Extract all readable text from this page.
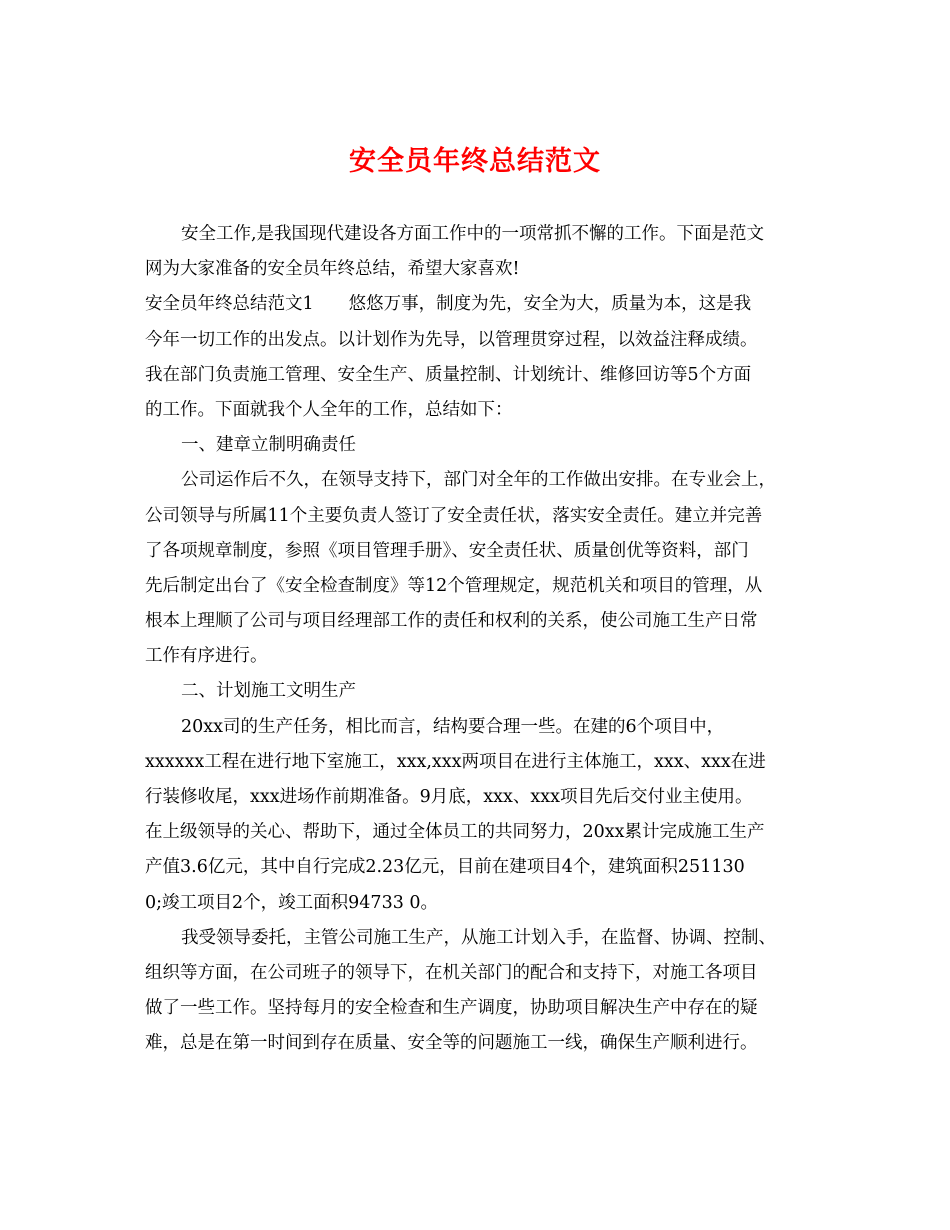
安全员年终总结范文
安全工作,是我国现代建设各方面工作中的一项常抓不懈的工作。下面是范文
网为大家准备的安全员年终总结，希望大家喜欢!
安全员年终总结范文1　　悠悠万事，制度为先，安全为大，质量为本，这是我
今年一切工作的出发点。以计划作为先导，以管理贯穿过程，以效益注释成绩。
我在部门负责施工管理、安全生产、质量控制、计划统计、维修回访等5个方面
的工作。下面就我个人全年的工作，总结如下：
一、建章立制明确责任
公司运作后不久，在领导支持下，部门对全年的工作做出安排。在专业会上，
公司领导与所属11个主要负责人签订了安全责任状，落实安全责任。建立并完善
了各项规章制度，参照《项目管理手册》、安全责任状、质量创优等资料，部门
先后制定出台了《安全检查制度》等12个管理规定，规范机关和项目的管理，从
根本上理顺了公司与项目经理部工作的责任和权利的关系，使公司施工生产日常
工作有序进行。
二、计划施工文明生产
20xx司的生产任务，相比而言，结构要合理一些。在建的6个项目中，
xxxxxx工程在进行地下室施工，xxx,xxx两项目在进行主体施工，xxx、xxx在进
行装修收尾，xxx进场作前期准备。9月底，xxx、xxx项目先后交付业主使用。
在上级领导的关心、帮助下，通过全体员工的共同努力，20xx累计完成施工生产
产值3.6亿元，其中自行完成2.23亿元，目前在建项目4个，建筑面积251130
0;竣工项目2个，竣工面积94733 0。
我受领导委托，主管公司施工生产，从施工计划入手，在监督、协调、控制、
组织等方面，在公司班子的领导下，在机关部门的配合和支持下，对施工各项目
做了一些工作。坚持每月的安全检查和生产调度，协助项目解决生产中存在的疑
难，总是在第一时间到存在质量、安全等的问题施工一线，确保生产顺利进行。
